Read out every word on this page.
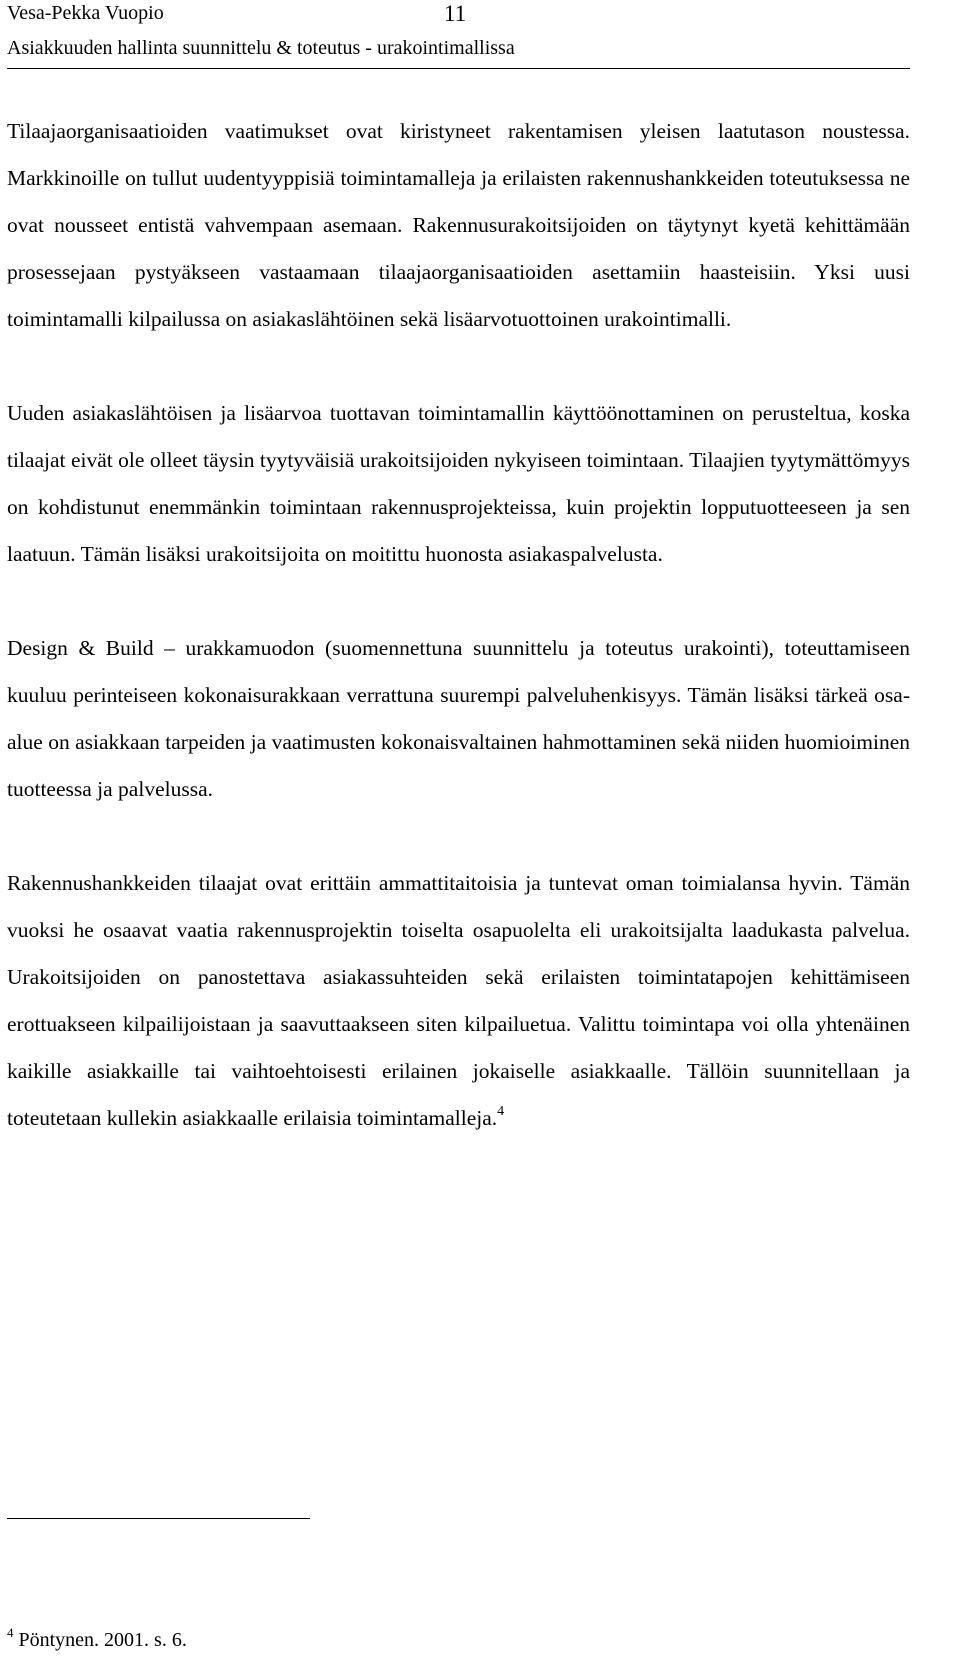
Vesa-Pekka Vuopio	11
Asiakkuuden hallinta suunnittelu & toteutus - urakointimallissa

Tilaajaorganisaatioiden vaatimukset ovat kiristyneet rakentamisen yleisen laatutason noustessa. Markkinoille on tullut uudentyyppisiä toimintamalleja ja erilaisten rakennushankkeiden toteutuksessa ne ovat nousseet entistä vahvempaan asemaan. Rakennusurakoitsijoiden on täytynyt kyetä kehittämään prosessejaan pystyäkseen vastaamaan tilaajaorganisaatioiden asettamiin haasteisiin. Yksi uusi toimintamalli kilpailussa on asiakaslähtöinen sekä lisäarvotuottoinen urakointimalli.

Uuden asiakaslähtöisen ja lisäarvoa tuottavan toimintamallin käyttöönottaminen on perusteltua, koska tilaajat eivät ole olleet täysin tyytyväisiä urakoitsijoiden nykyiseen toimintaan. Tilaajien tyytymättömyys on kohdistunut enemmänkin toimintaan rakennusprojekteissa, kuin projektin lopputuotteeseen ja sen laatuun. Tämän lisäksi urakoitsijoita on moitittu huonosta asiakaspalvelusta.

Design & Build – urakkamuodon (suomennettuna suunnittelu ja toteutus urakointi), toteuttamiseen kuuluu perinteiseen kokonaisurakkaan verrattuna suurempi palveluhenkisyys. Tämän lisäksi tärkeä osa-alue on asiakkaan tarpeiden ja vaatimusten kokonaisvaltainen hahmottaminen sekä niiden huomioiminen tuotteessa ja palvelussa.

Rakennushankkeiden tilaajat ovat erittäin ammattitaitoisia ja tuntevat oman toimialansa hyvin. Tämän vuoksi he osaavat vaatia rakennusprojektin toiselta osapuolelta eli urakoitsijalta laadukasta palvelua. Urakoitsijoiden on panostettava asiakassuhteiden sekä erilaisten toimintatapojen kehittämiseen erottuakseen kilpailijoistaan ja saavuttaakseen siten kilpailuetua. Valittu toimintapa voi olla yhtenäinen kaikille asiakkaille tai vaihtoehtoisesti erilainen jokaiselle asiakkaalle. Tällöin suunnitellaan ja toteutetaan kullekin asiakkaalle erilaisia toimintamalleja.$^4$

$^4$ Pöntynen. 2001. s. 6.
